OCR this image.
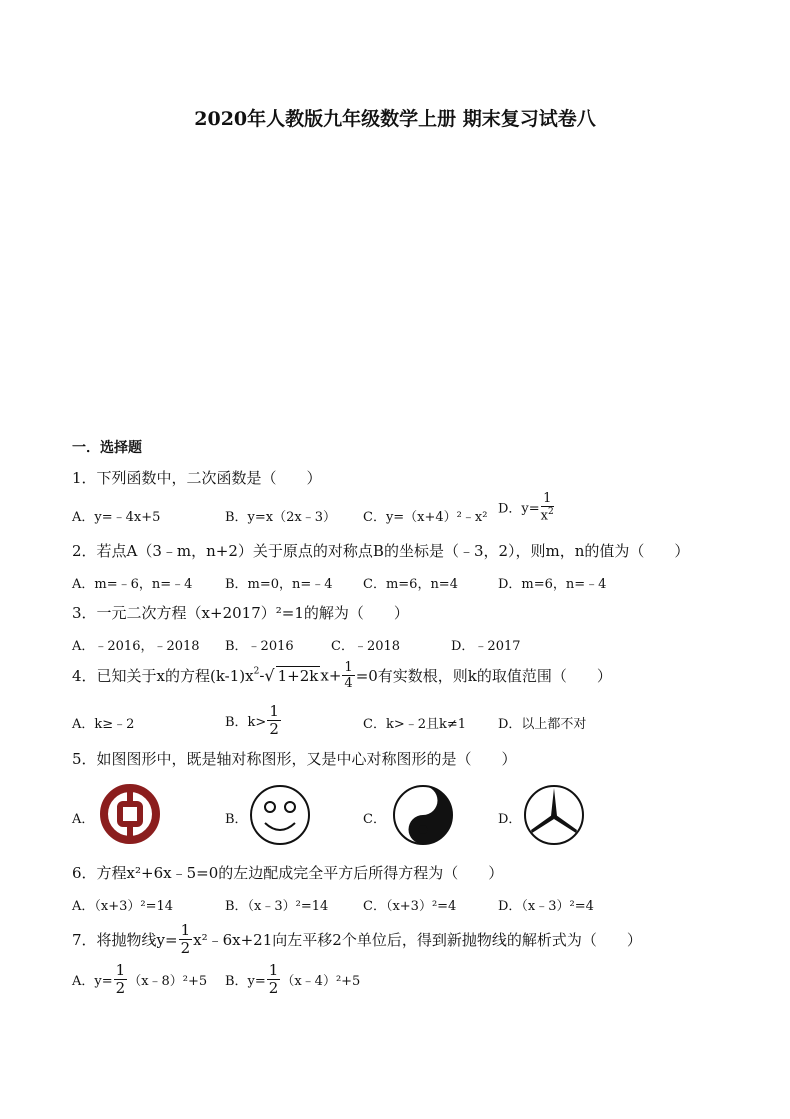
2020年人教版九年级数学上册 期末复习试卷八
一．选择题
1．下列函数中，二次函数是（　　）
A．y=﹣4x+5	B．y=x（2x﹣3） C．y=（x+4）²﹣x²
D．$y= \frac{1}{x^2}$
2．若点A（3﹣m，n+2）关于原点的对称点B的坐标是（﹣3，2），则m，n的值为（　　）
A．m=﹣6，n=﹣4	B．m=0，n=﹣4 C．m=6，n=4	D．m=6，n=﹣4
3．一元二次方程（x+2017）²=1的解为（　　）
A．﹣2016，﹣2018 B．﹣2016	C．﹣2018	D．﹣2017
4．已知关于x的方程$(k-1)x^2-√$ 1+2k $x+ \frac{1}{4} =0$有实数根，则k的取值范围（　　）
A．k≥﹣2	B．$k> \frac{1}{2}$	C．k>﹣2且k≠1 D．以上都不对
5．如图图形中，既是轴对称图形，又是中心对称图形的是（　　）
A．	B．	C．	D．
6．方程x²+6x﹣5=0的左边配成完全平方后所得方程为（　　）
A．（x+3）²=14	B．（x﹣3）²=14	C．（x+3）²=4	D．（x﹣3）²=4
7．将抛物线$y= \frac{1}{2}$ x²﹣6x+21向左平移2个单位后，得到新抛物线的解析式为（　　）
A．$y= \frac{1}{2}$ （x﹣8）²+5 B．$y= \frac{1}{2}$ （x﹣4）²+5
